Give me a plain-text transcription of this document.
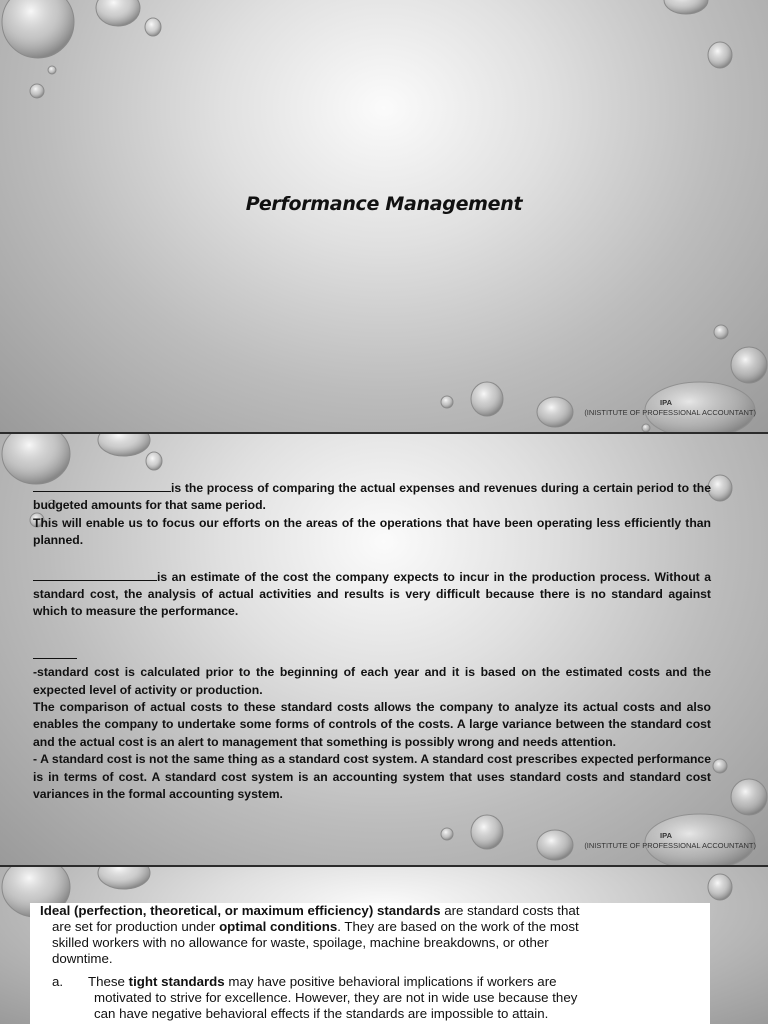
Performance Management
IPA
(INISTITUTE OF PROFESSIONAL ACCOUNTANT)

is the process of comparing the actual expenses and revenues during a certain period to the budgeted amounts for that same period.

This will enable us to focus our efforts on the areas of the operations that have been operating less efficiently than planned.

is an estimate of the cost the company expects to incur in the production process. Without a standard cost, the analysis of actual activities and results is very difficult because there is no standard against which to measure the performance.

-standard cost is calculated prior to the beginning of each year and it is based on the estimated costs and the expected level of activity or production.

The comparison of actual costs to these standard costs allows the company to analyze its actual costs and also enables the company to undertake some forms of controls of the costs. A large variance between the standard cost and the actual cost is an alert to management that something is possibly wrong and needs attention.

- A standard cost is not the same thing as a standard cost system. A standard cost prescribes expected performance is in terms of cost. A standard cost system is an accounting system that uses standard costs and standard cost variances in the formal accounting system.

IPA
(INISTITUTE OF PROFESSIONAL ACCOUNTANT)

Ideal (perfection, theoretical, or maximum efficiency) standards are standard costs that

are set for production under optimal conditions. They are based on the work of the most

skilled workers with no allowance for waste, spoilage, machine breakdowns, or other

downtime.

a. These tight standards may have positive behavioral implications if workers are

motivated to strive for excellence. However, they are not in wide use because they

can have negative behavioral effects if the standards are impossible to attain.
